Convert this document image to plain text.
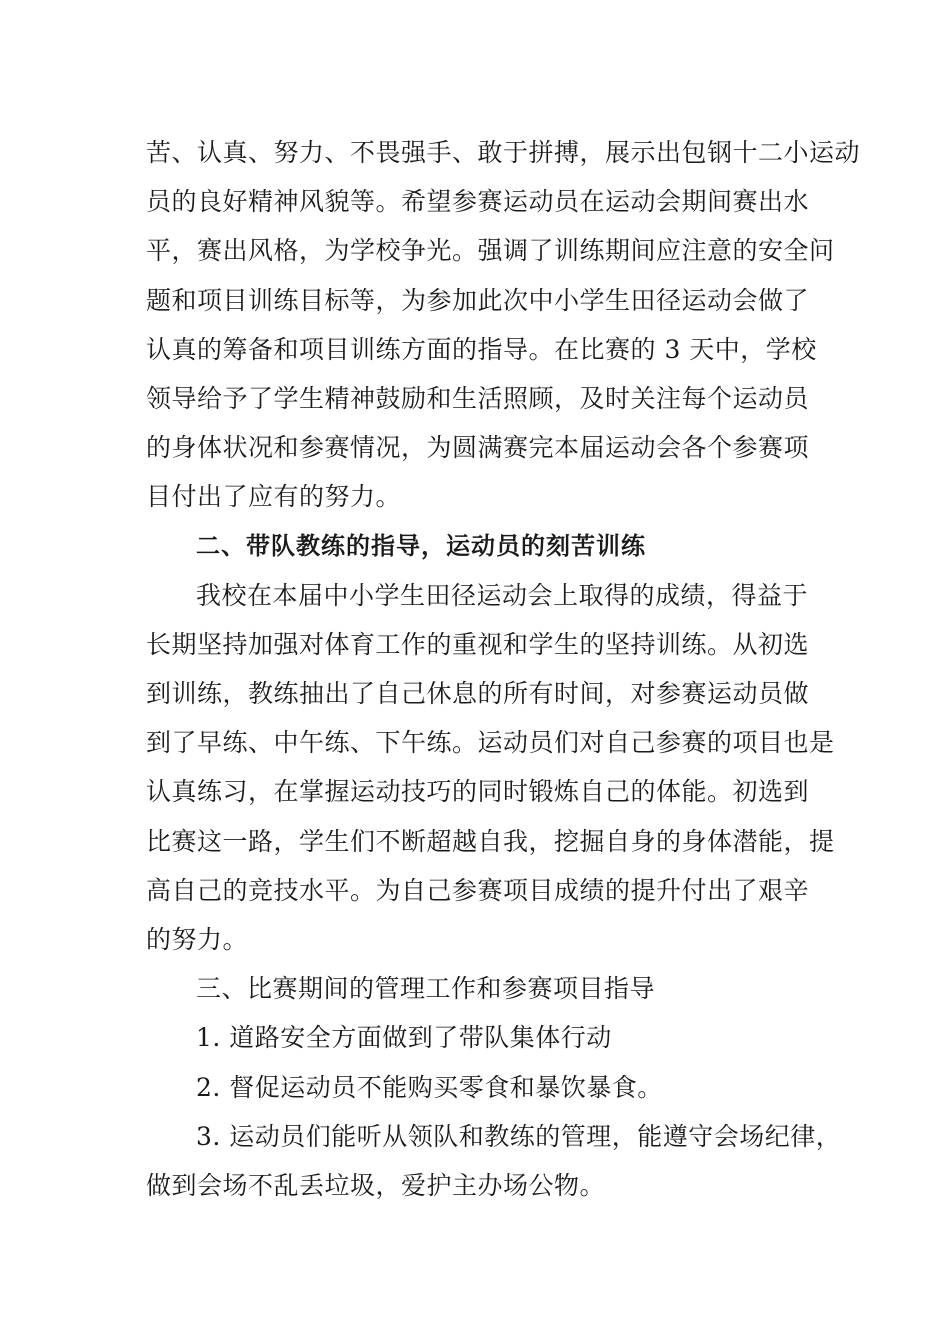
苦、认真、努力、不畏强手、敢于拼搏，展示出包钢十二小运动
员的良好精神风貌等。希望参赛运动员在运动会期间赛出水
平，赛出风格，为学校争光。强调了训练期间应注意的安全问
题和项目训练目标等，为参加此次中小学生田径运动会做了
认真的筹备和项目训练方面的指导。在比赛的 3 天中，学校
领导给予了学生精神鼓励和生活照顾，及时关注每个运动员
的身体状况和参赛情况，为圆满赛完本届运动会各个参赛项
目付出了应有的努力。
二、带队教练的指导，运动员的刻苦训练
我校在本届中小学生田径运动会上取得的成绩，得益于
长期坚持加强对体育工作的重视和学生的坚持训练。从初选
到训练，教练抽出了自己休息的所有时间，对参赛运动员做
到了早练、中午练、下午练。运动员们对自己参赛的项目也是
认真练习，在掌握运动技巧的同时锻炼自己的体能。初选到
比赛这一路，学生们不断超越自我，挖掘自身的身体潜能，提
高自己的竞技水平。为自己参赛项目成绩的提升付出了艰辛
的努力。
三、比赛期间的管理工作和参赛项目指导
1. 道路安全方面做到了带队集体行动
2. 督促运动员不能购买零食和暴饮暴食。
3. 运动员们能听从领队和教练的管理，能遵守会场纪律，
做到会场不乱丢垃圾，爱护主办场公物。
